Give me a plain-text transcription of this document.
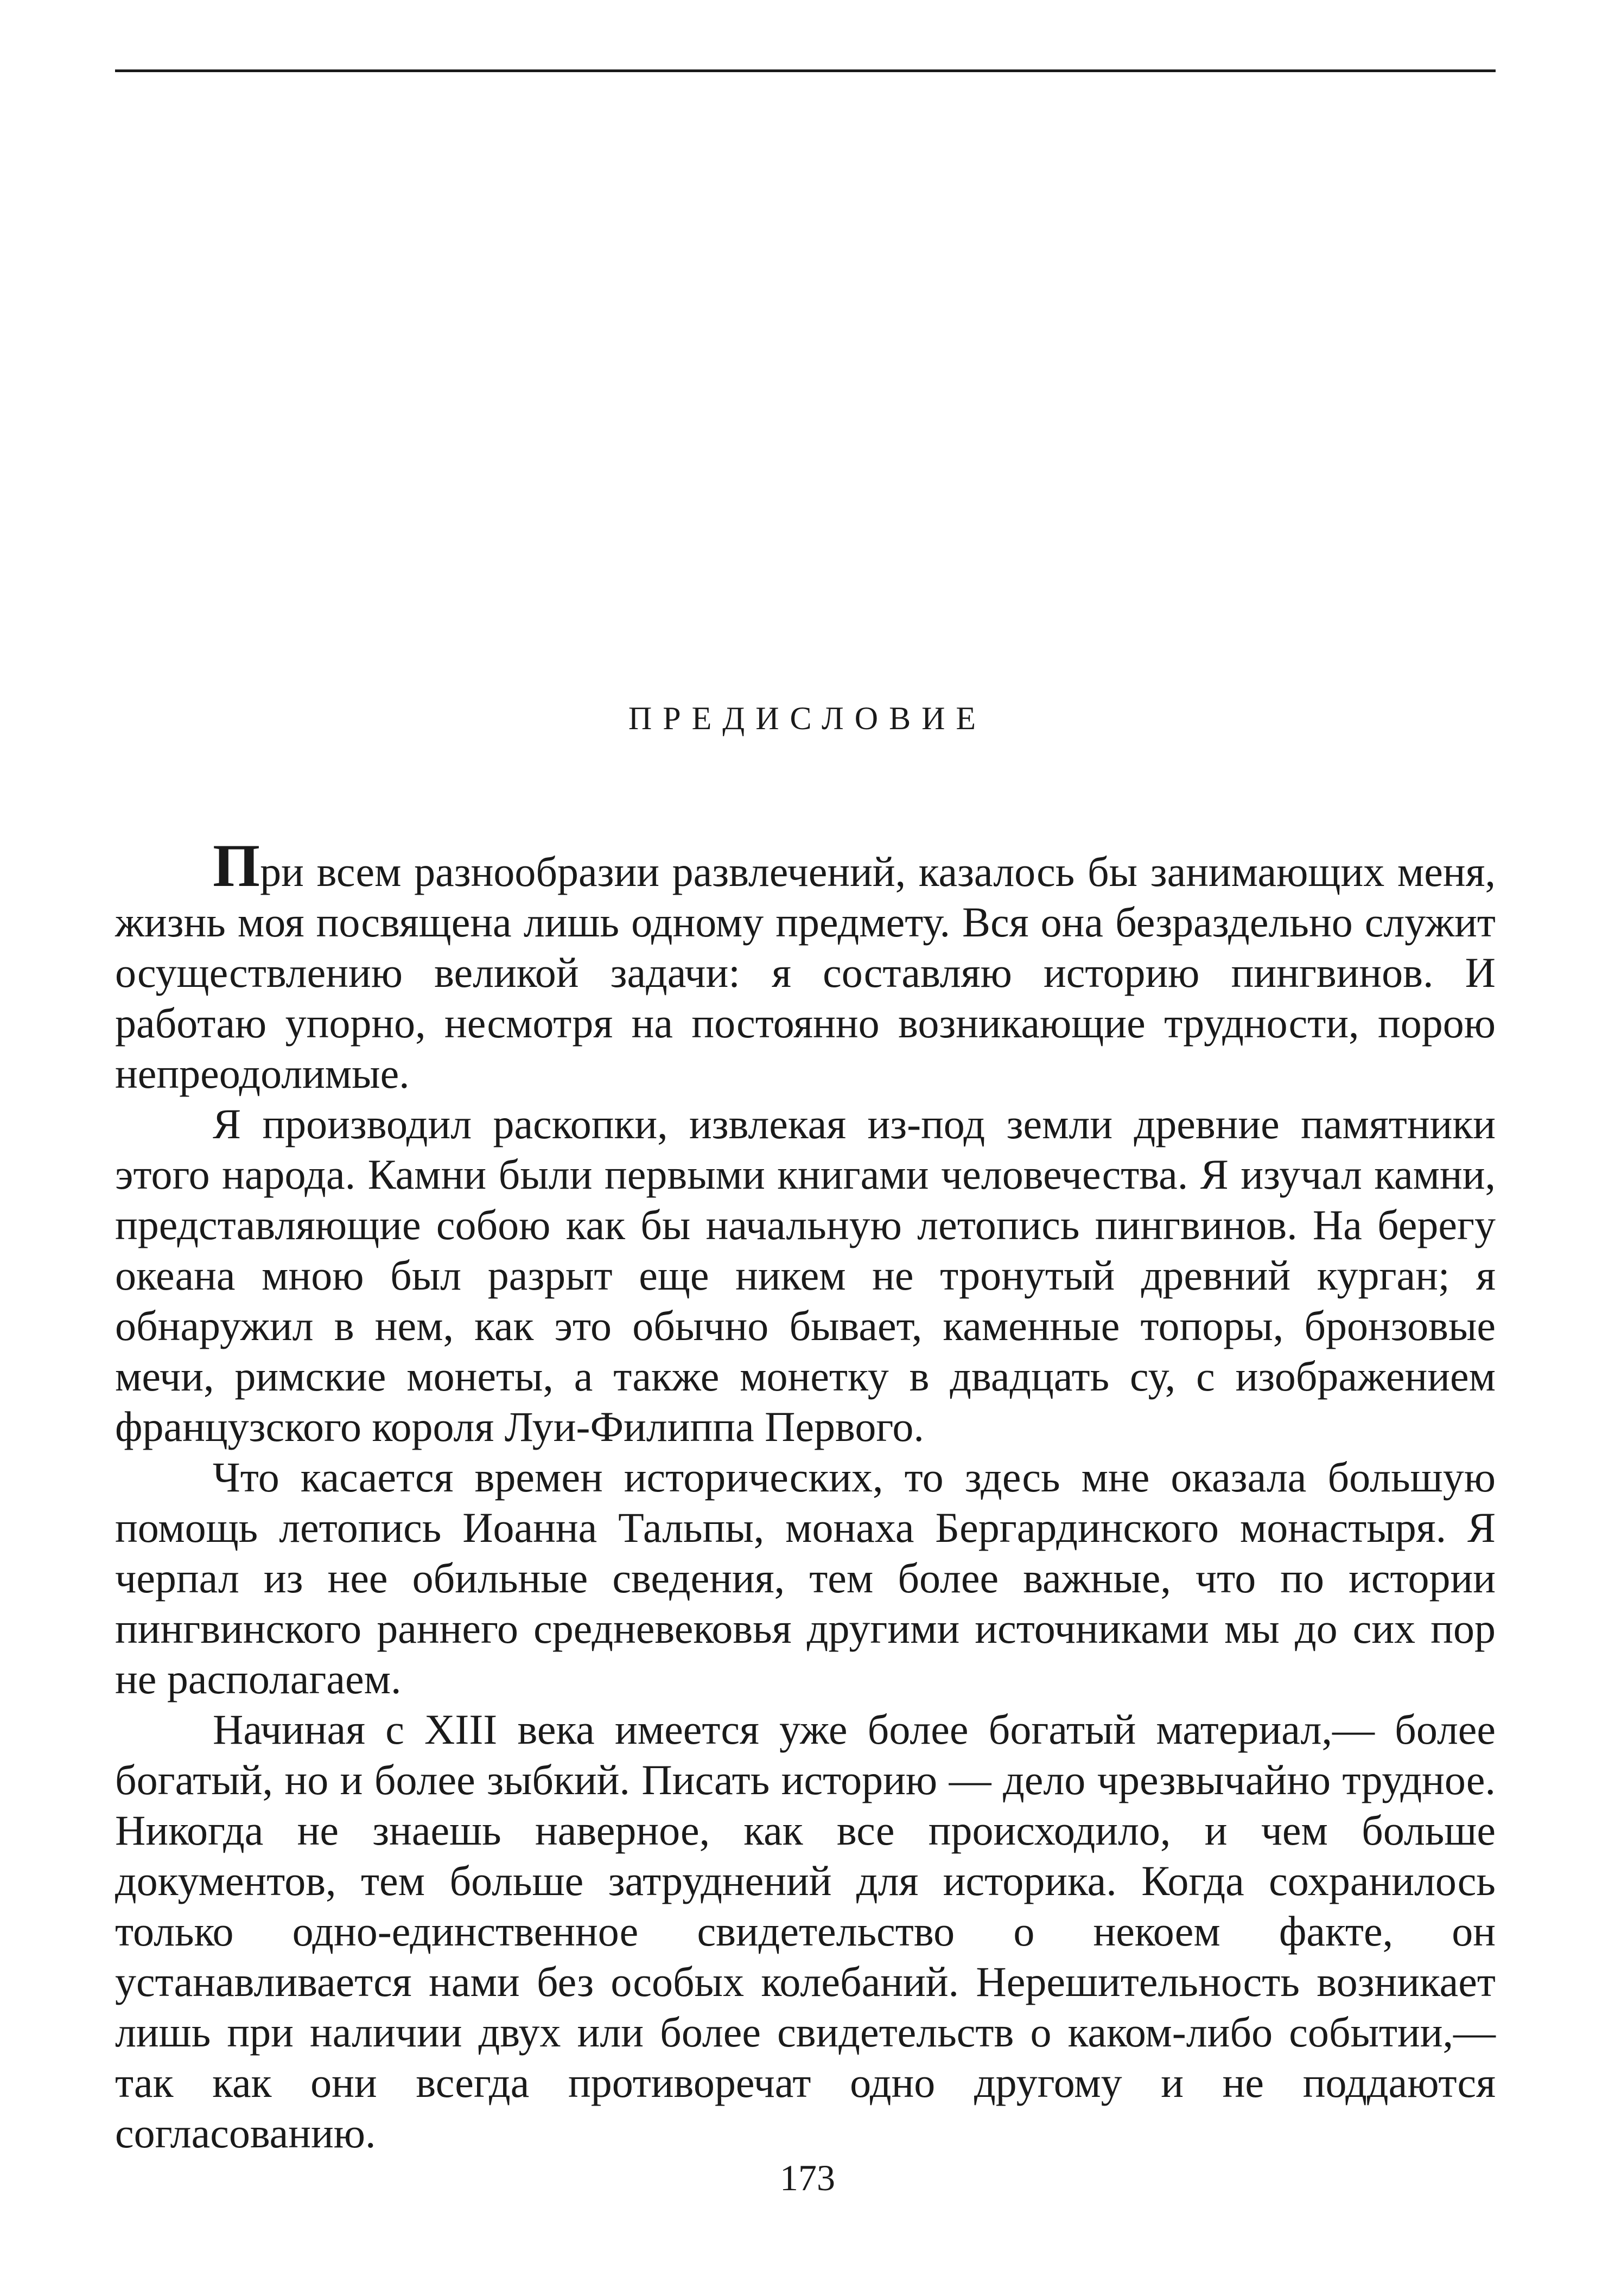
ПРЕДИСЛОВИЕ

При всем разнообразии развлечений, казалось бы занимающих меня, жизнь моя посвящена лишь одному предмету. Вся она безраздельно служит осуществлению великой задачи: я составляю историю пингвинов. И работаю упорно, несмотря на постоянно возникающие трудности, порою непреодолимые.

Я производил раскопки, извлекая из-под земли древние памятники этого народа. Камни были первыми книгами человечества. Я изучал камни, представляющие собою как бы начальную летопись пингвинов. На берегу океана мною был разрыт еще никем не тронутый древний курган; я обнаружил в нем, как это обычно бывает, каменные топоры, бронзовые мечи, римские монеты, а также монетку в двадцать су, с изображением французского короля Луи-Филиппа Первого.

Что касается времен исторических, то здесь мне оказала большую помощь летопись Иоанна Тальпы, монаха Бергардинского монастыря. Я черпал из нее обильные сведения, тем более важные, что по истории пингвинского раннего средневековья другими источниками мы до сих пор не располагаем.

Начиная с XIII века имеется уже более богатый материал,— более богатый, но и более зыбкий. Писать историю — дело чрезвычайно трудное. Никогда не знаешь наверное, как все происходило, и чем больше документов, тем больше затруднений для историка. Когда сохранилось только одно-единственное свидетельство о некоем факте, он устанавливается нами без особых колебаний. Нерешительность возникает лишь при наличии двух или более свидетельств о каком-либо событии,— так как они всегда противоречат одно другому и не поддаются согласованию.

173
